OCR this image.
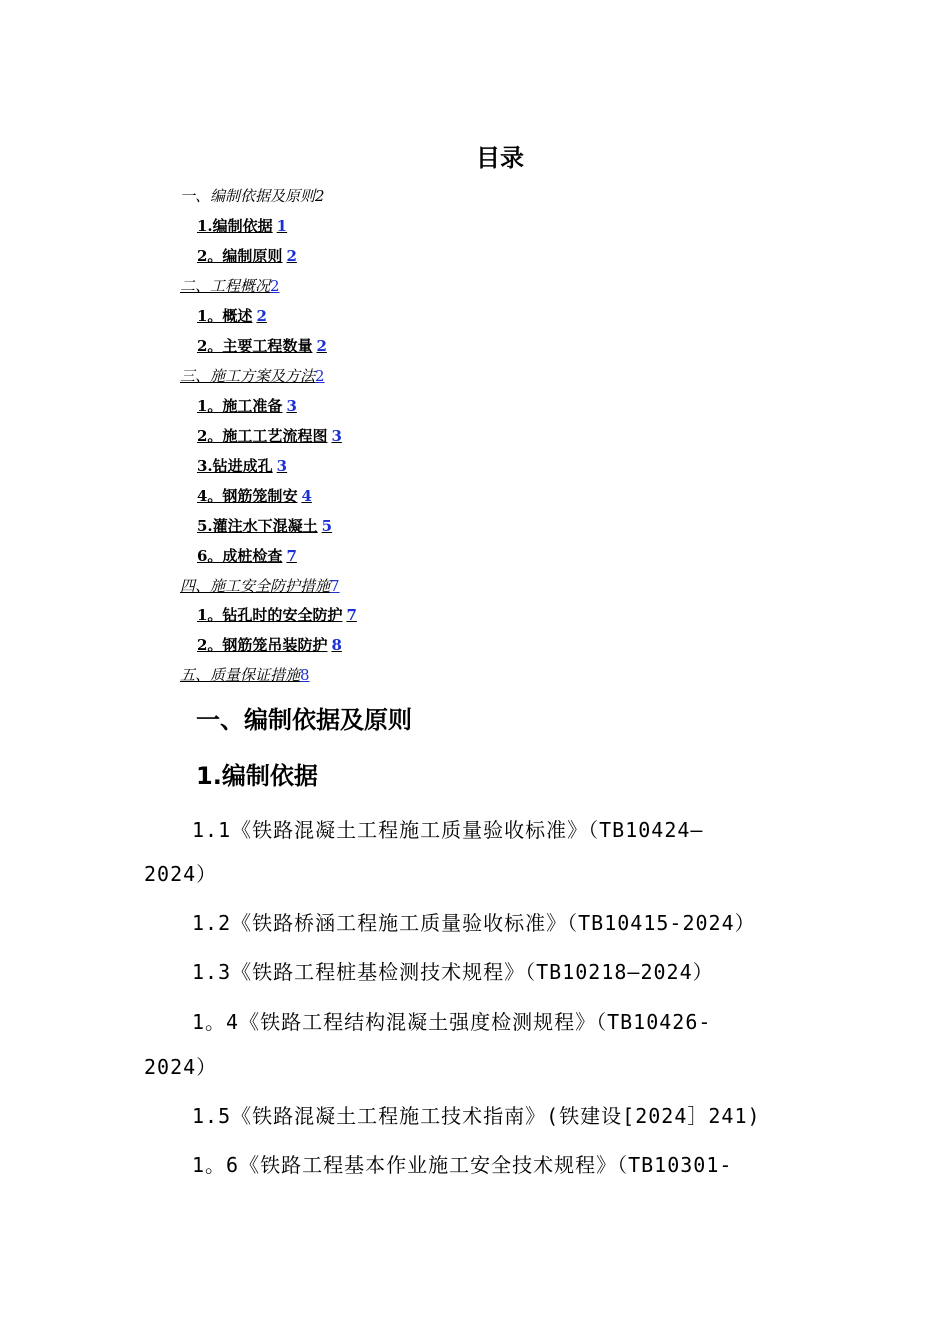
目录
一、编制依据及原则2
1.编制依据 1
2。编制原则 2
二、工程概况2
1。概述 2
2。主要工程数量 2
三、施工方案及方法2
1。施工准备 3
2。施工工艺流程图 3
3.钻进成孔 3
4。钢筋笼制安 4
5.灌注水下混凝土 5
6。成桩检查 7
四、施工安全防护措施7
1。钻孔时的安全防护 7
2。钢筋笼吊装防护 8
五、质量保证措施8
一、编制依据及原则
1.编制依据
1.1《铁路混凝土工程施工质量验收标准》（TB10424—
2024）
1.2《铁路桥涵工程施工质量验收标准》（TB10415-2024）
1.3《铁路工程桩基检测技术规程》（TB10218—2024）
1。4《铁路工程结构混凝土强度检测规程》（TB10426-
2024）
1.5《铁路混凝土工程施工技术指南》(铁建设[2024］241)
1。6《铁路工程基本作业施工安全技术规程》（TB10301-
